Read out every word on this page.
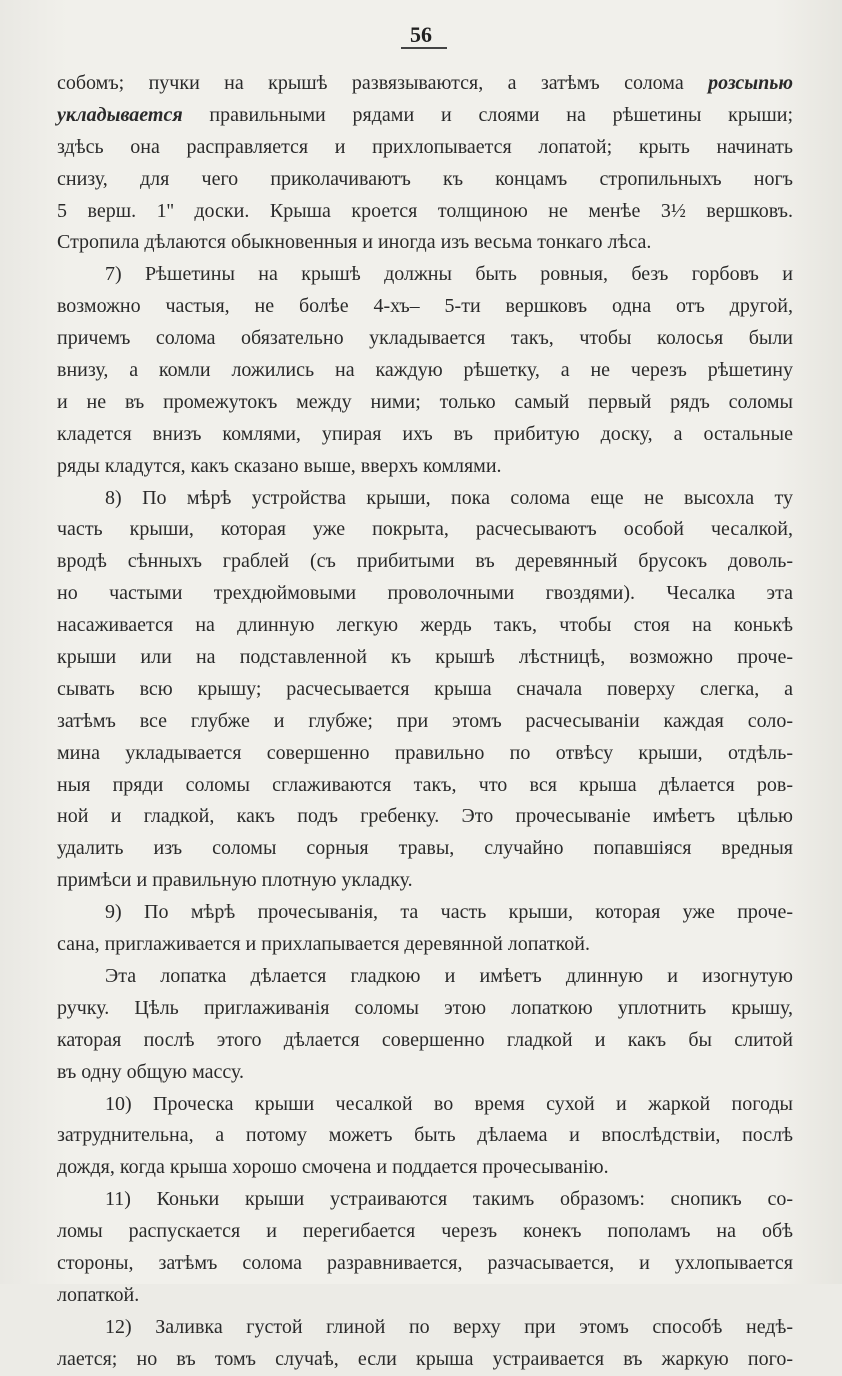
56
собомъ; пучки на крышѣ развязываются, а затѣмъ солома розсыпью
укладывается правильными рядами и слоями на рѣшетины крыши;
здѣсь она расправляется и прихлопывается лопатой; крыть начинать
снизу, для чего приколачиваютъ къ концамъ стропильныхъ ногъ
5 верш. 1'' доски. Крыша кроется толщиною не менѣе 3½ вершковъ.
Стропила дѣлаются обыкновенныя и иногда изъ весьма тонкаго лѣса.
7) Рѣшетины на крышѣ должны быть ровныя, безъ горбовъ и
возможно частыя, не болѣе 4-хъ– 5-ти вершковъ одна отъ другой,
причемъ солома обязательно укладывается такъ, чтобы колосья были
внизу, а комли ложились на каждую рѣшетку, а не черезъ рѣшетину
и не въ промежутокъ между ними; только самый первый рядъ соломы
кладется внизъ комлями, упирая ихъ въ прибитую доску, а остальные
ряды кладутся, какъ сказано выше, вверхъ комлями.
8) По мѣрѣ устройства крыши, пока солома еще не высохла ту
часть крыши, которая уже покрыта, расчесываютъ особой чесалкой,
вродѣ сѣнныхъ граблей (съ прибитыми въ деревянный брусокъ доволь-
но частыми трехдюймовыми проволочными гвоздями). Чесалка эта
насаживается на длинную легкую жердь такъ, чтобы стоя на конькѣ
крыши или на подставленной къ крышѣ лѣстницѣ, возможно проче-
сывать всю крышу; расчесывается крыша сначала поверху слегка, а
затѣмъ все глубже и глубже; при этомъ расчесываніи каждая соло-
мина укладывается совершенно правильно по отвѣсу крыши, отдѣль-
ныя пряди соломы сглаживаются такъ, что вся крыша дѣлается ров-
ной и гладкой, какъ подъ гребенку. Это прочесываніе имѣетъ цѣлью
удалить изъ соломы сорныя травы, случайно попавшіяся вредныя
примѣси и правильную плотную укладку.
9) По мѣрѣ прочесыванія, та часть крыши, которая уже проче-
сана, приглаживается и прихлапывается деревянной лопаткой.
Эта лопатка дѣлается гладкою и имѣетъ длинную и изогнутую
ручку. Цѣль приглаживанія соломы этою лопаткою уплотнить крышу,
каторая послѣ этого дѣлается совершенно гладкой и какъ бы слитой
въ одну общую массу.
10) Проческа крыши чесалкой во время сухой и жаркой погоды
затруднительна, а потому можетъ быть дѣлаема и впослѣдствіи, послѣ
дождя, когда крыша хорошо смочена и поддается прочесыванію.
11) Коньки крыши устраиваются такимъ образомъ: снопикъ со-
ломы распускается и перегибается черезъ конекъ пополамъ на обѣ
стороны, затѣмъ солома разравнивается, разчасывается, и ухлопывается
лопаткой.
12) Заливка густой глиной по верху при этомъ способѣ недѣ-
лается; но въ томъ случаѣ, если крыша устраивается въ жаркую пого-
